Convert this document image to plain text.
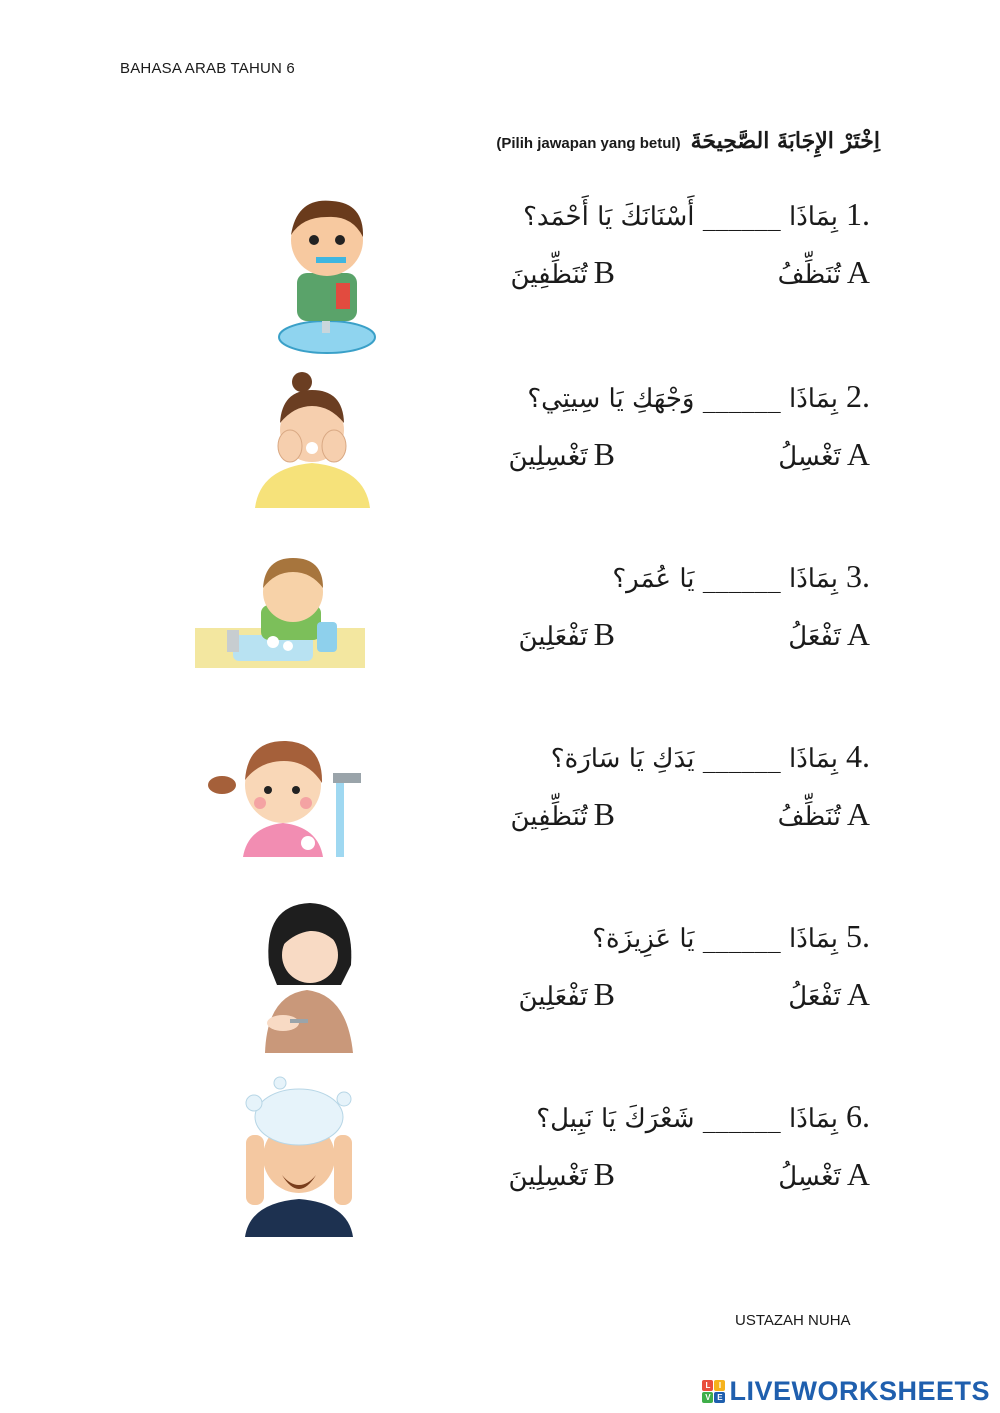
BAHASA ARAB TAHUN 6
(Pilih jawapan yang betul) اِخْتَرْ الإِجَابَةَ الصَّحِيحَةَ
بِمَاذَا ______ أَسْنَانَكَ يَا أَحْمَد؟ 1.
تُنَظِّفِينَ B	تُنَظِّفُ A
بِمَاذَا ______ وَجْهَكِ يَا سِيتِي؟ 2.
تَغْسِلِينَ B	تَغْسِلُ A
بِمَاذَا ______ يَا عُمَر؟ 3.
تَفْعَلِينَ B	تَفْعَلُ A
بِمَاذَا ______ يَدَكِ يَا سَارَة؟ 4.
تُنَظِّفِينَ B	تُنَظِّفُ A
بِمَاذَا ______ يَا عَزِيزَة؟ 5.
تَفْعَلِينَ B	تَفْعَلُ A
بِمَاذَا ______ شَعْرَكَ يَا نَبِيل؟ 6.
تَغْسِلِينَ B	تَغْسِلُ A
USTAZAH NUHA
L	I
V E LIVEWORKSHEETS
